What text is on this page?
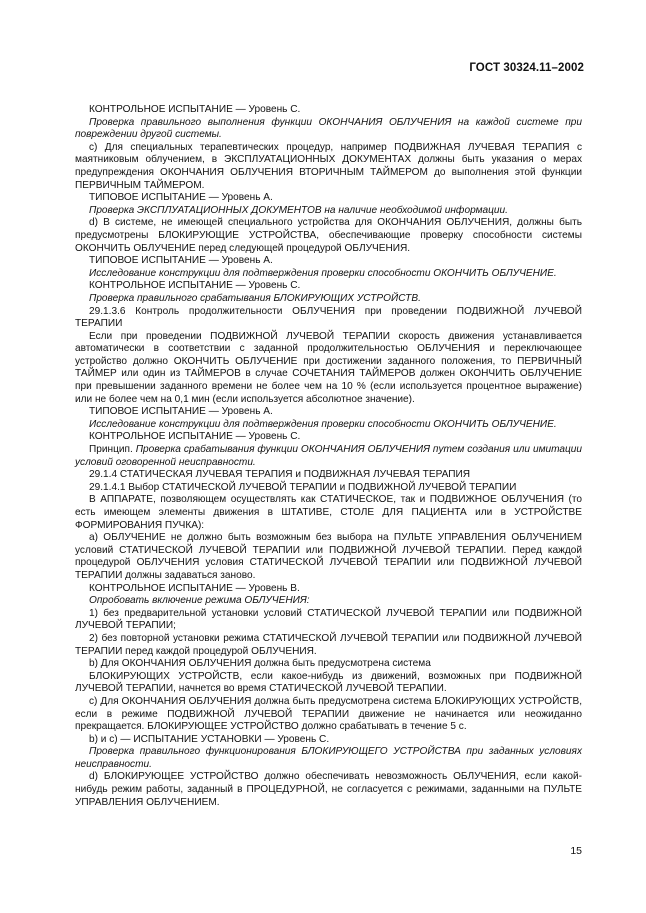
ГОСТ 30324.11–2002

КОНТРОЛЬНОЕ ИСПЫТАНИЕ — Уровень С.

Проверка правильного выполнения функции ОКОНЧАНИЯ ОБЛУЧЕНИЯ на каждой системе при повреждении другой системы.

с) Для специальных терапевтических процедур, например ПОДВИЖНАЯ ЛУЧЕВАЯ ТЕРАПИЯ с маятниковым облучением, в ЭКСПЛУАТАЦИОННЫХ ДОКУМЕНТАХ должны быть указания о мерах предупреждения ОКОНЧАНИЯ ОБЛУЧЕНИЯ ВТОРИЧНЫМ ТАЙМЕРОМ до выполнения этой функции ПЕРВИЧНЫМ ТАЙМЕРОМ.

ТИПОВОЕ ИСПЫТАНИЕ — Уровень А.

Проверка ЭКСПЛУАТАЦИОННЫХ ДОКУМЕНТОВ на наличие необходимой информации.

d) В системе, не имеющей специального устройства для ОКОНЧАНИЯ ОБЛУЧЕНИЯ, должны быть предусмотрены БЛОКИРУЮЩИЕ УСТРОЙСТВА, обеспечивающие проверку способности системы ОКОНЧИТЬ ОБЛУЧЕНИЕ перед следующей процедурой ОБЛУЧЕНИЯ.

ТИПОВОЕ ИСПЫТАНИЕ — Уровень А.

Исследование конструкции для подтверждения проверки способности ОКОНЧИТЬ ОБЛУЧЕНИЕ.

КОНТРОЛЬНОЕ ИСПЫТАНИЕ — Уровень С.

Проверка правильного срабатывания БЛОКИРУЮЩИХ УСТРОЙСТВ.

29.1.3.6 Контроль продолжительности ОБЛУЧЕНИЯ при проведении ПОДВИЖНОЙ ЛУЧЕВОЙ ТЕРАПИИ

Если при проведении ПОДВИЖНОЙ ЛУЧЕВОЙ ТЕРАПИИ скорость движения устанавливается автоматически в соответствии с заданной продолжительностью ОБЛУЧЕНИЯ и переключающее устройство должно ОКОНЧИТЬ ОБЛУЧЕНИЕ при достижении заданного положения, то ПЕРВИЧНЫЙ ТАЙМЕР или один из ТАЙМЕРОВ в случае СОЧЕТАНИЯ ТАЙМЕРОВ должен ОКОНЧИТЬ ОБЛУЧЕНИЕ при превышении заданного времени не более чем на 10 % (если используется процентное выражение) или не более чем на 0,1 мин (если используется абсолютное значение).

ТИПОВОЕ ИСПЫТАНИЕ — Уровень А.

Исследование конструкции для подтверждения проверки способности ОКОНЧИТЬ ОБЛУЧЕНИЕ.

КОНТРОЛЬНОЕ ИСПЫТАНИЕ — Уровень С.

Принцип. Проверка срабатывания функции ОКОНЧАНИЯ ОБЛУЧЕНИЯ путем создания или имитации условий оговоренной неисправности.

29.1.4 СТАТИЧЕСКАЯ ЛУЧЕВАЯ ТЕРАПИЯ и ПОДВИЖНАЯ ЛУЧЕВАЯ ТЕРАПИЯ

29.1.4.1 Выбор СТАТИЧЕСКОЙ ЛУЧЕВОЙ ТЕРАПИИ и ПОДВИЖНОЙ ЛУЧЕВОЙ ТЕРАПИИ

В АППАРАТЕ, позволяющем осуществлять как СТАТИЧЕСКОЕ, так и ПОДВИЖНОЕ ОБЛУЧЕНИЯ (то есть имеющем элементы движения в ШТАТИВЕ, СТОЛЕ ДЛЯ ПАЦИЕНТА или в УСТРОЙСТВЕ ФОРМИРОВАНИЯ ПУЧКА):

а) ОБЛУЧЕНИЕ не должно быть возможным без выбора на ПУЛЬТЕ УПРАВЛЕНИЯ ОБЛУЧЕНИЕМ условий СТАТИЧЕСКОЙ ЛУЧЕВОЙ ТЕРАПИИ или ПОДВИЖНОЙ ЛУЧЕВОЙ ТЕРАПИИ. Перед каждой процедурой ОБЛУЧЕНИЯ условия СТАТИЧЕСКОЙ ЛУЧЕВОЙ ТЕРАПИИ или ПОДВИЖНОЙ ЛУЧЕВОЙ ТЕРАПИИ должны задаваться заново.

КОНТРОЛЬНОЕ ИСПЫТАНИЕ — Уровень В.

Опробовать включение режима ОБЛУЧЕНИЯ:

1) без предварительной установки условий СТАТИЧЕСКОЙ ЛУЧЕВОЙ ТЕРАПИИ или ПОДВИЖНОЙ ЛУЧЕВОЙ ТЕРАПИИ;

2) без повторной установки режима СТАТИЧЕСКОЙ ЛУЧЕВОЙ ТЕРАПИИ или ПОДВИЖНОЙ ЛУЧЕВОЙ ТЕРАПИИ перед каждой процедурой ОБЛУЧЕНИЯ.

b) Для ОКОНЧАНИЯ ОБЛУЧЕНИЯ должна быть предусмотрена система

БЛОКИРУЮЩИХ УСТРОЙСТВ, если какое-нибудь из движений, возможных при ПОДВИЖНОЙ ЛУЧЕВОЙ ТЕРАПИИ, начнется во время СТАТИЧЕСКОЙ ЛУЧЕВОЙ ТЕРАПИИ.

с) Для ОКОНЧАНИЯ ОБЛУЧЕНИЯ должна быть предусмотрена система БЛОКИРУЮЩИХ УСТРОЙСТВ, если в режиме ПОДВИЖНОЙ ЛУЧЕВОЙ ТЕРАПИИ движение не начинается или неожиданно прекращается. БЛОКИРУЮЩЕЕ УСТРОЙСТВО должно срабатывать в течение 5 с.

b) и с) — ИСПЫТАНИЕ УСТАНОВКИ — Уровень С.

Проверка правильного функционирования БЛОКИРУЮЩЕГО УСТРОЙСТВА при заданных условиях неисправности.

d) БЛОКИРУЮЩЕЕ УСТРОЙСТВО должно обеспечивать невозможность ОБЛУЧЕНИЯ, если какой-нибудь режим работы, заданный в ПРОЦЕДУРНОЙ, не согласуется с режимами, заданными на ПУЛЬТЕ УПРАВЛЕНИЯ ОБЛУЧЕНИЕМ.

15
